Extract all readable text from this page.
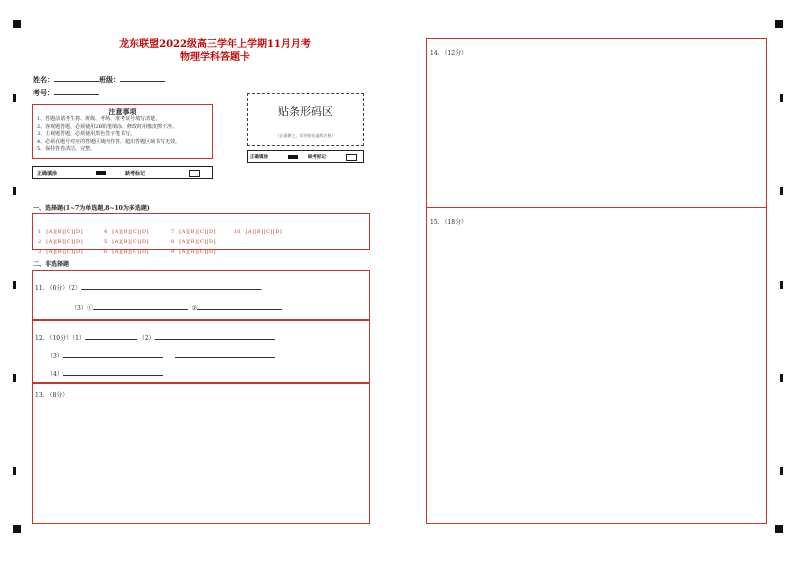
龙东联盟2022级高三学年上学期11月月考
物理学科答题卡
姓名：	班级：
考号：
注意事项
1、答题前请考生将、班级、考场、准考证号填写清楚。
2、客观题答题，必须使用2B铅笔填涂，修改时用橡皮擦干净。
3、主观题答题，必须使用黑色签字笔书写。
4、必须在题号对应的答题区域内作答，超出答题区域书写无效。
5、保持答卷清洁、完整。
正确填涂	缺考标记
贴条形码区
（正面朝上，切勿贴出虚线方框）
正确填涂	缺考标记
一、选择题(1~7为单选题,8~10为多选题)
1 [A][B][C][D]
2 [A][B][C][D]
3 [A][B][C][D]
4 [A][B][C][D]
5 [A][B][C][D]
6 [A][B][C][D]
7 [A][B][C][D]
8 [A][B][C][D]
9 [A][B][C][D]
10 [A][B][C][D]
二、非选择题
11. （6分）（2）	.
（3）①	②
12. （10分）（1）	（2）
（3）
（4）
13. （8分）
14. （12分）
15. （18分）
